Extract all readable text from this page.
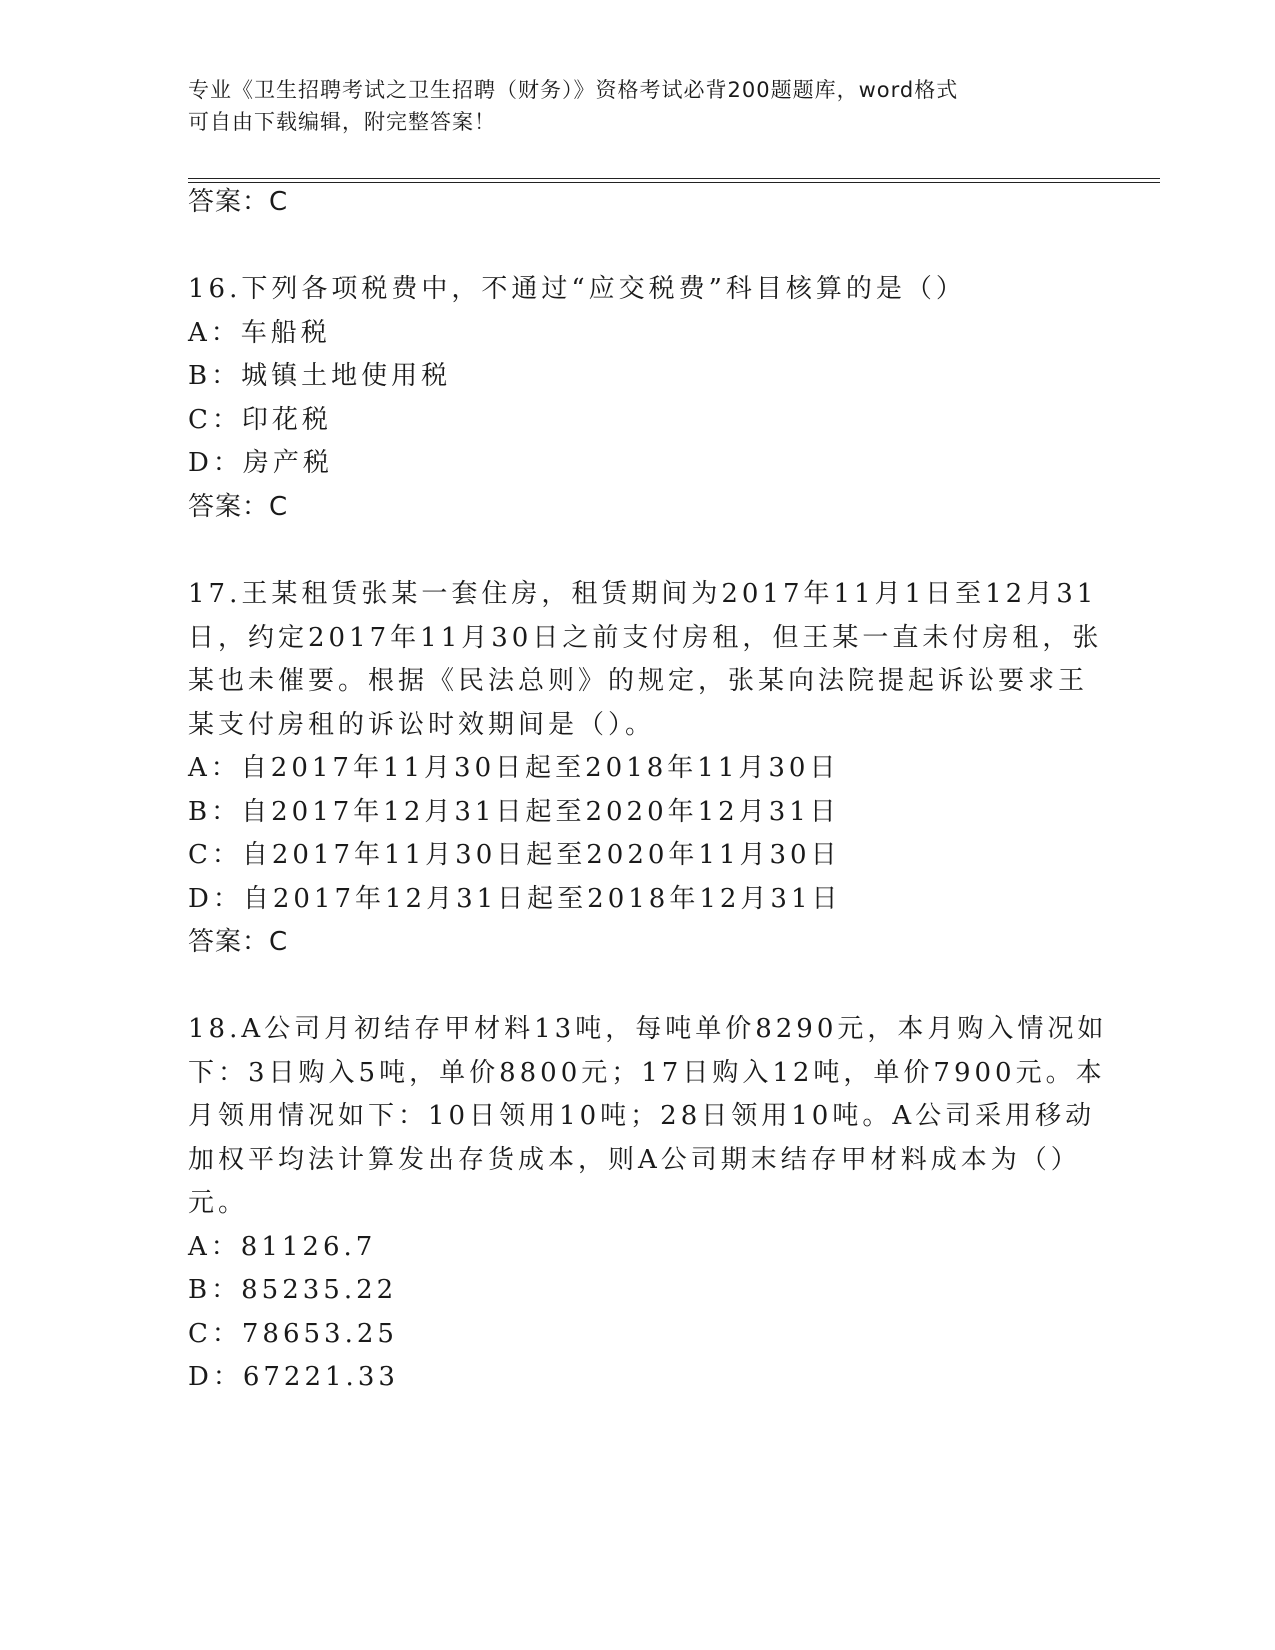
专业《卫生招聘考试之卫生招聘（财务）》资格考试必背200题题库，word格式
可自由下载编辑，附完整答案！
答案：C
16.下列各项税费中，不通过“应交税费”科目核算的是（）
A：车船税
B：城镇土地使用税
C：印花税
D：房产税
答案：C
17.王某租赁张某一套住房，租赁期间为2017年11月1日至12月31
日，约定2017年11月30日之前支付房租，但王某一直未付房租，张
某也未催要。根据《民法总则》的规定，张某向法院提起诉讼要求王
某支付房租的诉讼时效期间是（）。
A：自2017年11月30日起至2018年11月30日
B：自2017年12月31日起至2020年12月31日
C：自2017年11月30日起至2020年11月30日
D：自2017年12月31日起至2018年12月31日
答案：C
18.A公司月初结存甲材料13吨，每吨单价8290元，本月购入情况如
下：3日购入5吨，单价8800元；17日购入12吨，单价7900元。本
月领用情况如下：10日领用10吨；28日领用10吨。A公司采用移动
加权平均法计算发出存货成本，则A公司期末结存甲材料成本为（）
元。
A：81126.7
B：85235.22
C：78653.25
D：67221.33
